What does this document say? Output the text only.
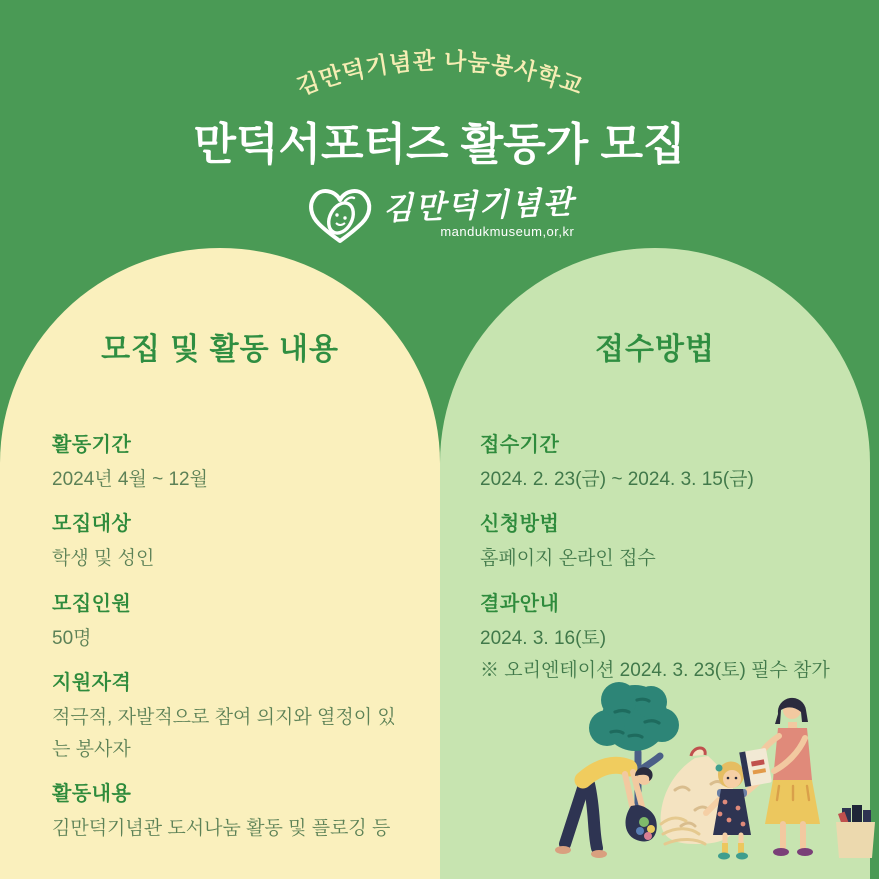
김만덕기념관 나눔봉사학교
만덕서포터즈 활동가 모집
김만덕기념관
mandukmuseum,or,kr
모집 및 활동 내용	접수방법
활동기간
2024년 4월 ~ 12월
모집대상
학생 및 성인
모집인원
50명
지원자격
적극적, 자발적으로 참여 의지와 열정이 있는 봉사자
활동내용
김만덕기념관 도서나눔 활동 및 플로깅 등
접수기간
2024. 2. 23(금) ~ 2024. 3. 15(금)
신청방법
홈페이지 온라인 접수
결과안내
2024. 3. 16(토)
※ 오리엔테이션 2024. 3. 23(토) 필수 참가
